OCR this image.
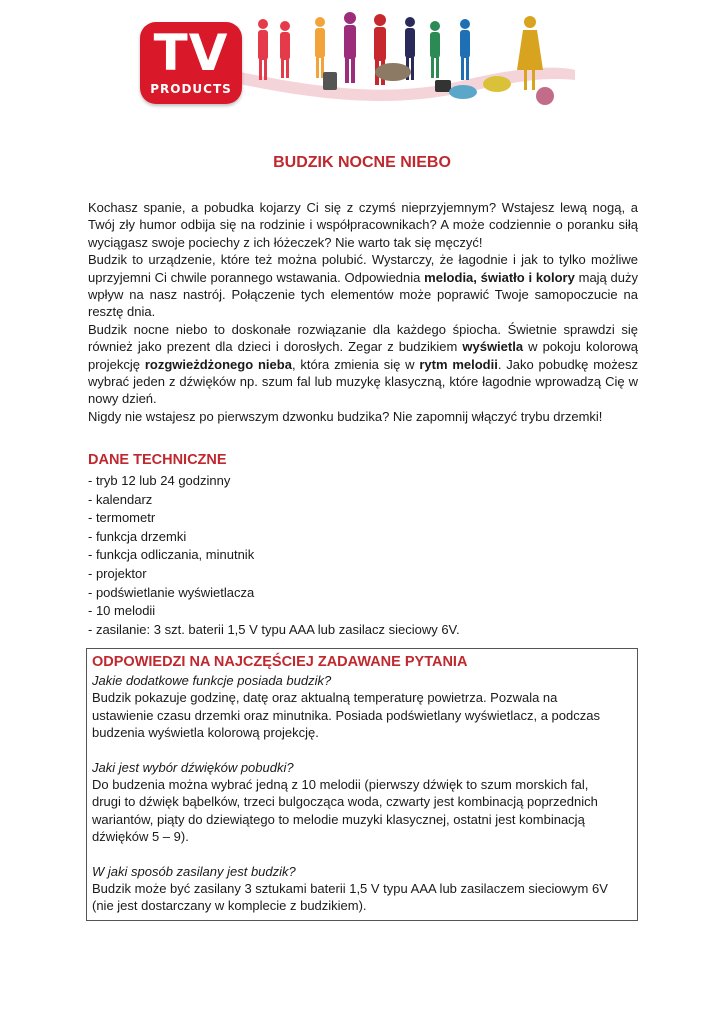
TV
PRODUCTS
BUDZIK NOCNE NIEBO

Kochasz spanie, a pobudka kojarzy Ci się z czymś nieprzyjemnym? Wstajesz lewą nogą, a Twój zły humor odbija się na rodzinie i współpracownikach? A może codziennie o poranku siłą wyciągasz swoje pociechy z ich łóżeczek? Nie warto tak się męczyć!

Budzik to urządzenie, które też można polubić. Wystarczy, że łagodnie i jak to tylko możliwe uprzyjemni Ci chwile porannego wstawania. Odpowiednia melodia, światło i kolory mają duży wpływ na nasz nastrój. Połączenie tych elementów może poprawić Twoje samopoczucie na resztę dnia.

Budzik nocne niebo to doskonałe rozwiązanie dla każdego śpiocha. Świetnie sprawdzi się również jako prezent dla dzieci i dorosłych. Zegar z budzikiem wyświetla w pokoju kolorową projekcję rozgwieżdżonego nieba, która zmienia się w rytm melodii. Jako pobudkę możesz wybrać jeden z dźwięków np. szum fal lub muzykę klasyczną, które łagodnie wprowadzą Cię w nowy dzień.

Nigdy nie wstajesz po pierwszym dzwonku budzika? Nie zapomnij włączyć trybu drzemki!

DANE TECHNICZNE
- tryb 12 lub 24 godzinny
- kalendarz
- termometr
- funkcja drzemki
- funkcja odliczania, minutnik
- projektor
- podświetlanie wyświetlacza
- 10 melodii
- zasilanie: 3 szt. baterii 1,5 V typu AAA lub zasilacz sieciowy 6V.
ODPOWIEDZI NA NAJCZĘŚCIEJ ZADAWANE PYTANIA
Jakie dodatkowe funkcje posiada budzik?
Budzik pokazuje godzinę, datę oraz aktualną temperaturę powietrza. Pozwala na
ustawienie czasu drzemki oraz minutnika. Posiada podświetlany wyświetlacz, a podczas
budzenia wyświetla kolorową projekcję.
Jaki jest wybór dźwięków pobudki?
Do budzenia można wybrać jedną z 10 melodii (pierwszy dźwięk to szum morskich fal,
drugi to dźwięk bąbelków, trzeci bulgocząca woda, czwarty jest kombinacją poprzednich
wariantów, piąty do dziewiątego to melodie muzyki klasycznej, ostatni jest kombinacją
dźwięków 5 – 9).
W jaki sposób zasilany jest budzik?
Budzik może być zasilany 3 sztukami baterii 1,5 V typu AAA lub zasilaczem sieciowym 6V
(nie jest dostarczany w komplecie z budzikiem).
